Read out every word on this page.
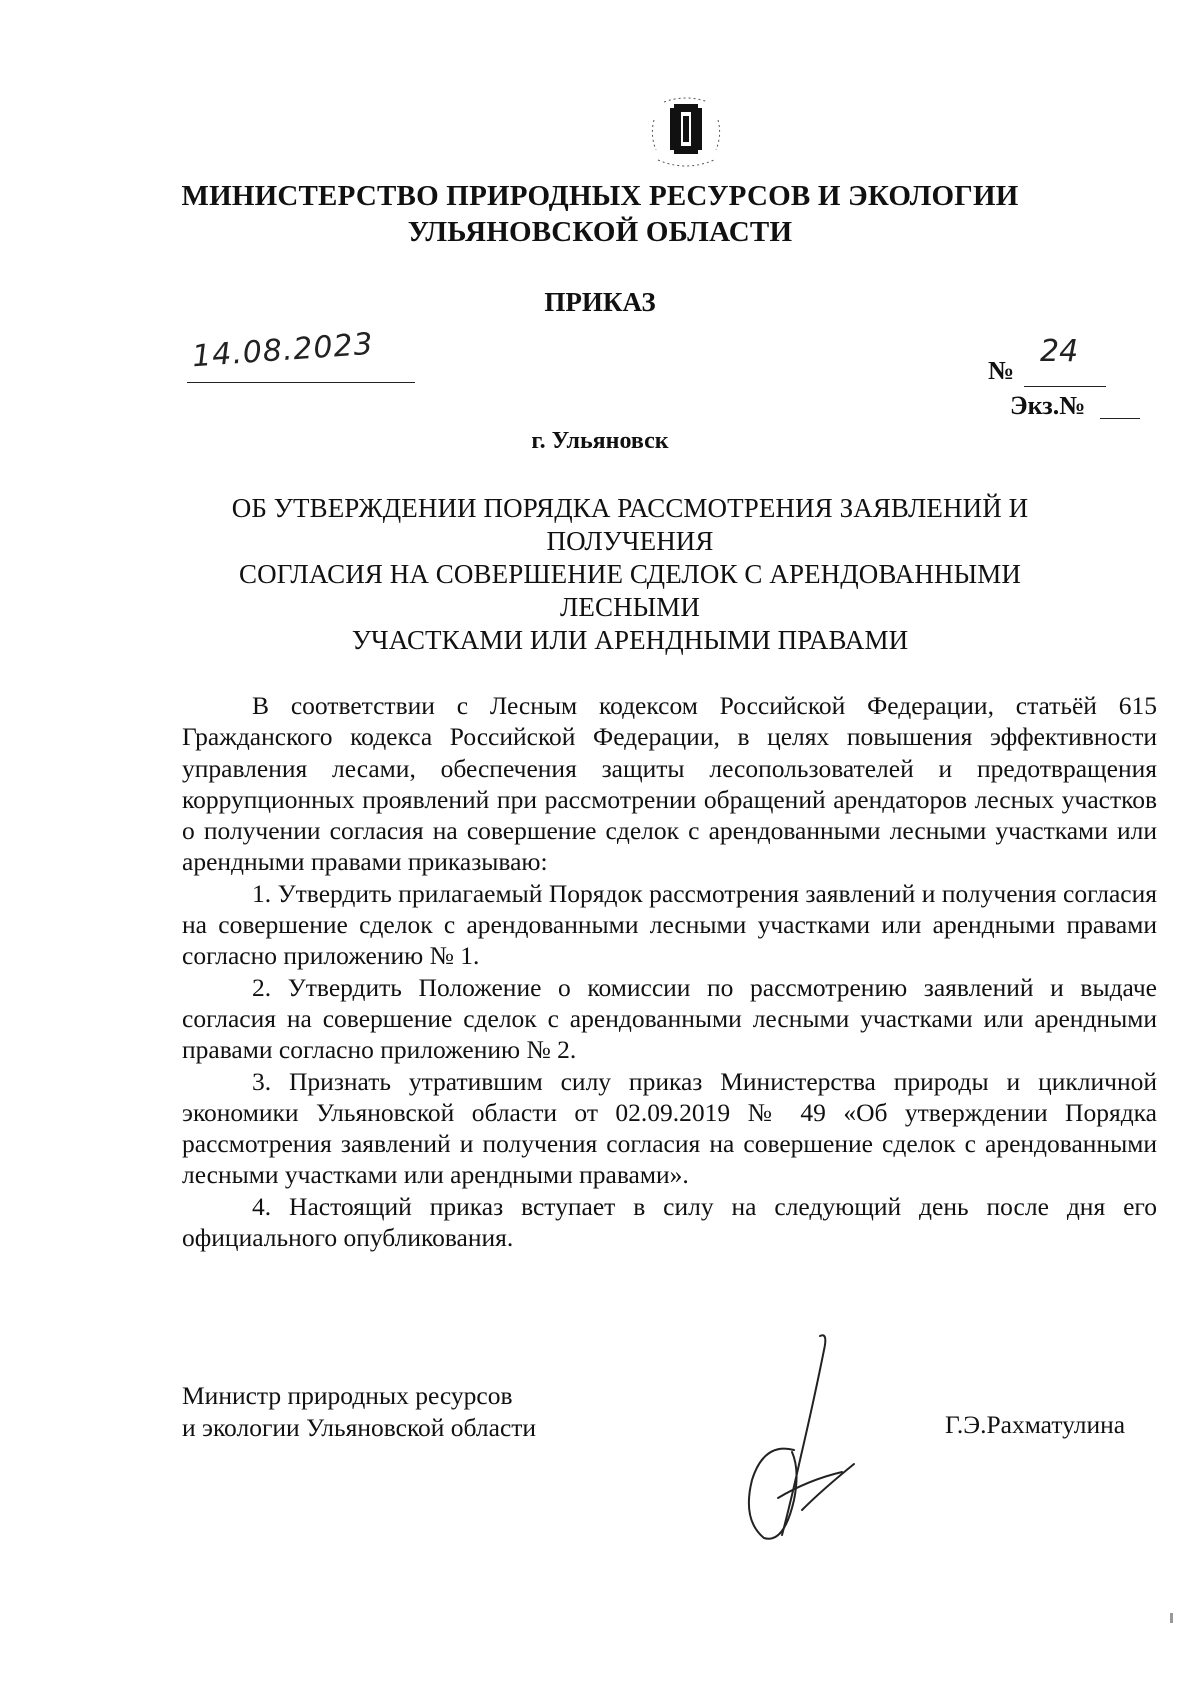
МИНИСТЕРСТВО ПРИРОДНЫХ РЕСУРСОВ И ЭКОЛОГИИ
УЛЬЯНОВСКОЙ ОБЛАСТИ
ПРИКАЗ
14.08.2023	№
24
Экз.№
г. Ульяновск
ОБ УТВЕРЖДЕНИИ ПОРЯДКА РАССМОТРЕНИЯ ЗАЯВЛЕНИЙ И
ПОЛУЧЕНИЯ
СОГЛАСИЯ НА СОВЕРШЕНИЕ СДЕЛОК С АРЕНДОВАННЫМИ ЛЕСНЫМИ
УЧАСТКАМИ ИЛИ АРЕНДНЫМИ ПРАВАМИ

В соответствии с Лесным кодексом Российской Федерации, статьёй 615 Гражданского кодекса Российской Федерации, в целях повышения эффективности управления лесами, обеспечения защиты лесопользователей и предотвращения коррупционных проявлений при рассмотрении обращений арендаторов лесных участков о получении согласия на совершение сделок с арендованными лесными участками или арендными правами приказываю:

1. Утвердить прилагаемый Порядок рассмотрения заявлений и получения согласия на совершение сделок с арендованными лесными участками или арендными правами согласно приложению № 1.

2. Утвердить Положение о комиссии по рассмотрению заявлений и выдаче согласия на совершение сделок с арендованными лесными участками или арендными правами согласно приложению № 2.

3. Признать утратившим силу приказ Министерства природы и цикличной экономики Ульяновской области от 02.09.2019 № 49 «Об утверждении Порядка рассмотрения заявлений и получения согласия на совершение сделок с арендованными лесными участками или арендными правами».

4. Настоящий приказ вступает в силу на следующий день после дня его официального опубликования.

Министр природных ресурсов
и экологии Ульяновской области	Г.Э.Рахматулина
